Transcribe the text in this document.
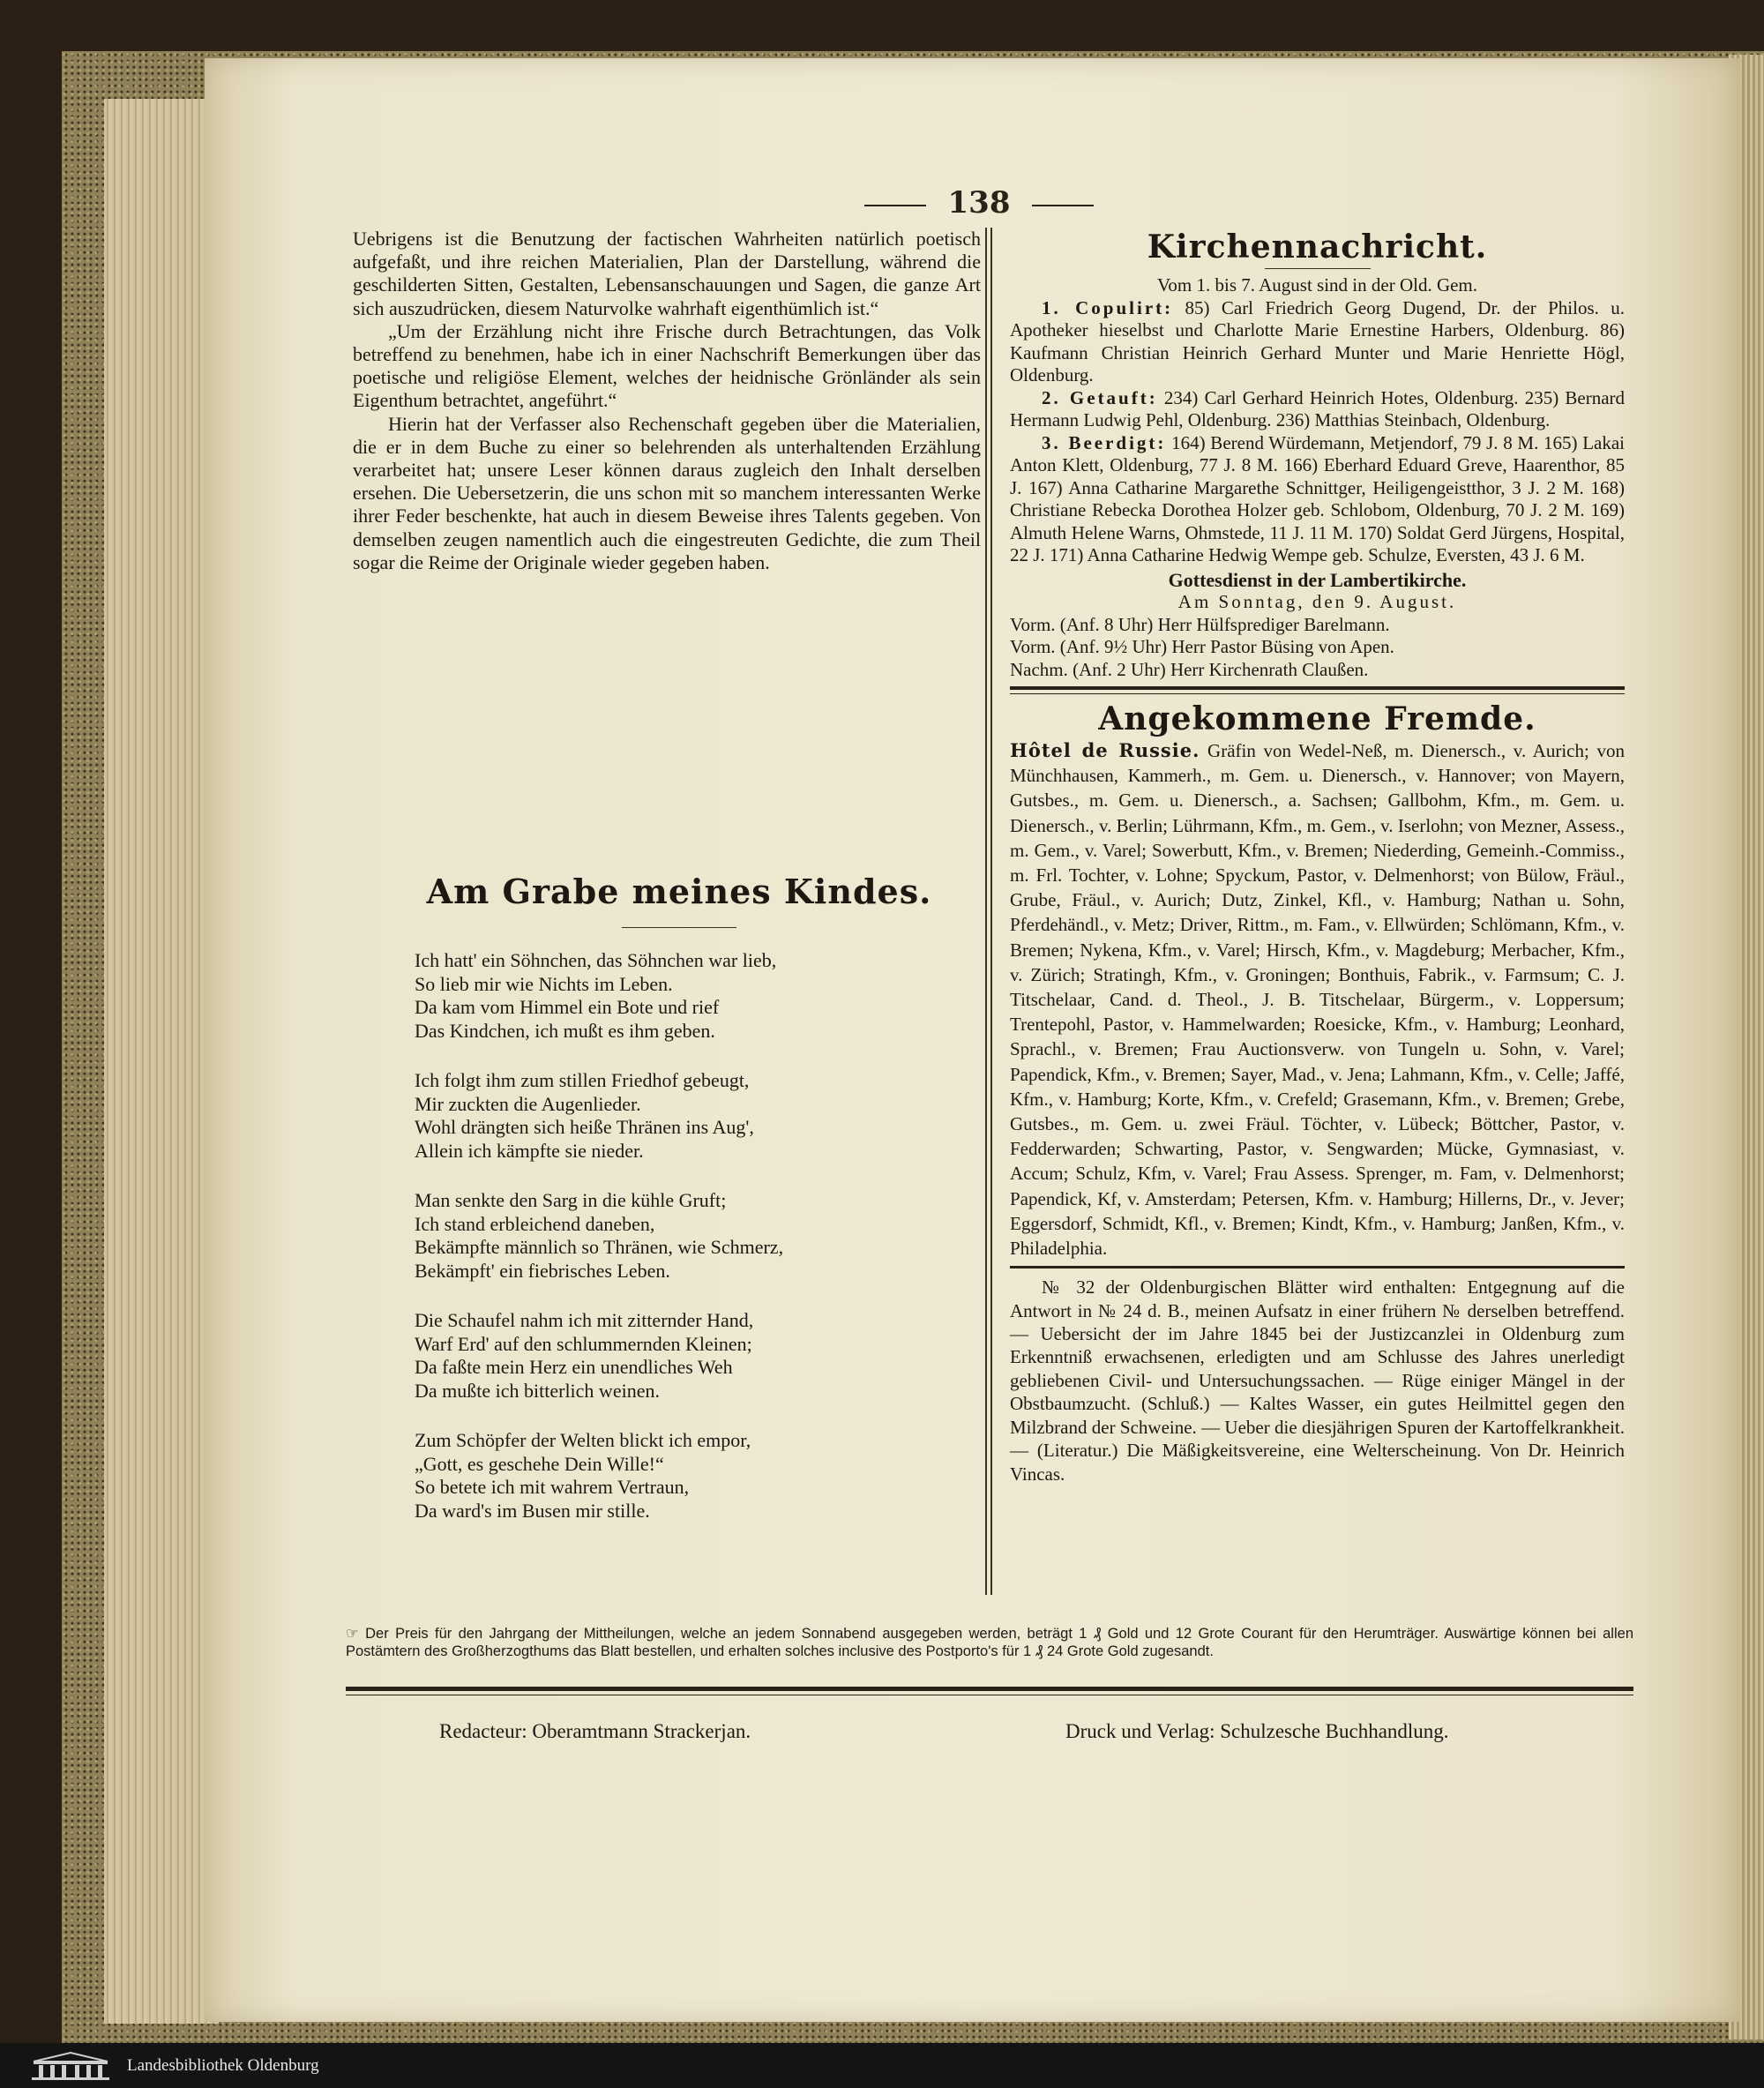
138

Uebrigens ist die Benutzung der factischen Wahrheiten natürlich poetisch aufgefaßt, und ihre reichen Materialien, Plan der Darstellung, während die geschilderten Sitten, Gestalten, Lebensanschauungen und Sagen, die ganze Art sich auszudrücken, diesem Naturvolke wahrhaft eigenthümlich ist.“

„Um der Erzählung nicht ihre Frische durch Betrachtungen, das Volk betreffend zu benehmen, habe ich in einer Nachschrift Bemerkungen über das poetische und religiöse Element, welches der heidnische Grönländer als sein Eigenthum betrachtet, angeführt.“

Hierin hat der Verfasser also Rechenschaft gegeben über die Materialien, die er in dem Buche zu einer so belehrenden als unterhaltenden Erzählung verarbeitet hat; unsere Leser können daraus zugleich den Inhalt derselben ersehen. Die Uebersetzerin, die uns schon mit so manchem interessanten Werke ihrer Feder beschenkte, hat auch in diesem Beweise ihres Talents gegeben. Von demselben zeugen namentlich auch die eingestreuten Gedichte, die zum Theil sogar die Reime der Originale wieder gegeben haben.

Am Grabe meines Kindes.
Ich hatt' ein Söhnchen, das Söhnchen war lieb,
So lieb mir wie Nichts im Leben.
Da kam vom Himmel ein Bote und rief
Das Kindchen, ich mußt es ihm geben.
Ich folgt ihm zum stillen Friedhof gebeugt,
Mir zuckten die Augenlieder.
Wohl drängten sich heiße Thränen ins Aug',
Allein ich kämpfte sie nieder.
Man senkte den Sarg in die kühle Gruft;
Ich stand erbleichend daneben,
Bekämpfte männlich so Thränen, wie Schmerz,
Bekämpft' ein fiebrisches Leben.
Die Schaufel nahm ich mit zitternder Hand,
Warf Erd' auf den schlummernden Kleinen;
Da faßte mein Herz ein unendliches Weh
Da mußte ich bitterlich weinen.
Zum Schöpfer der Welten blickt ich empor,
„Gott, es geschehe Dein Wille!“
So betete ich mit wahrem Vertraun,
Da ward's im Busen mir stille.
Kirchennachricht.
Vom 1. bis 7. August sind in der Old. Gem.
1. Copulirt: 85) Carl Friedrich Georg Dugend, Dr. der Philos. u. Apotheker hieselbst und Charlotte Marie Ernestine Harbers, Oldenburg. 86) Kaufmann Christian Heinrich Gerhard Munter und Marie Henriette Högl, Oldenburg.
2. Getauft: 234) Carl Gerhard Heinrich Hotes, Oldenburg. 235) Bernard Hermann Ludwig Pehl, Oldenburg. 236) Matthias Steinbach, Oldenburg.
3. Beerdigt: 164) Berend Würdemann, Metjendorf, 79 J. 8 M. 165) Lakai Anton Klett, Oldenburg, 77 J. 8 M. 166) Eberhard Eduard Greve, Haarenthor, 85 J. 167) Anna Catharine Margarethe Schnittger, Heiligengeistthor, 3 J. 2 M. 168) Christiane Rebecka Dorothea Holzer geb. Schlobom, Oldenburg, 70 J. 2 M. 169) Almuth Helene Warns, Ohmstede, 11 J. 11 M. 170) Soldat Gerd Jürgens, Hospital, 22 J. 171) Anna Catharine Hedwig Wempe geb. Schulze, Eversten, 43 J. 6 M.
Gottesdienst in der Lambertikirche.
Am Sonntag, den 9. August.
Vorm. (Anf. 8 Uhr) Herr Hülfsprediger Barelmann.
Vorm. (Anf. 9½ Uhr) Herr Pastor Büsing von Apen.
Nachm. (Anf. 2 Uhr) Herr Kirchenrath Claußen.
Angekommene Fremde.
Hôtel de Russie. Gräfin von Wedel-Neß, m. Dienersch., v. Aurich; von Münchhausen, Kammerh., m. Gem. u. Dienersch., v. Hannover; von Mayern, Gutsbes., m. Gem. u. Dienersch., a. Sachsen; Gallbohm, Kfm., m. Gem. u. Dienersch., v. Berlin; Lührmann, Kfm., m. Gem., v. Iserlohn; von Mezner, Assess., m. Gem., v. Varel; Sowerbutt, Kfm., v. Bremen; Niederding, Gemeinh.-Commiss., m. Frl. Tochter, v. Lohne; Spyckum, Pastor, v. Delmenhorst; von Bülow, Fräul., Grube, Fräul., v. Aurich; Dutz, Zinkel, Kfl., v. Hamburg; Nathan u. Sohn, Pferdehändl., v. Metz; Driver, Rittm., m. Fam., v. Ellwürden; Schlömann, Kfm., v. Bremen; Nykena, Kfm., v. Varel; Hirsch, Kfm., v. Magdeburg; Merbacher, Kfm., v. Zürich; Stratingh, Kfm., v. Groningen; Bonthuis, Fabrik., v. Farmsum; C. J. Titschelaar, Cand. d. Theol., J. B. Titschelaar, Bürgerm., v. Loppersum; Trentepohl, Pastor, v. Hammelwarden; Roesicke, Kfm., v. Hamburg; Leonhard, Sprachl., v. Bremen; Frau Auctionsverw. von Tungeln u. Sohn, v. Varel; Papendick, Kfm., v. Bremen; Sayer, Mad., v. Jena; Lahmann, Kfm., v. Celle; Jaffé, Kfm., v. Hamburg; Korte, Kfm., v. Crefeld; Grasemann, Kfm., v. Bremen; Grebe, Gutsbes., m. Gem. u. zwei Fräul. Töchter, v. Lübeck; Böttcher, Pastor, v. Fedderwarden; Schwarting, Pastor, v. Sengwarden; Mücke, Gymnasiast, v. Accum; Schulz, Kfm, v. Varel; Frau Assess. Sprenger, m. Fam, v. Delmenhorst; Papendick, Kf, v. Amsterdam; Petersen, Kfm. v. Hamburg; Hillerns, Dr., v. Jever; Eggersdorf, Schmidt, Kfl., v. Bremen; Kindt, Kfm., v. Hamburg; Janßen, Kfm., v. Philadelphia.
№ 32 der Oldenburgischen Blätter wird enthalten: Entgegnung auf die Antwort in № 24 d. B., meinen Aufsatz in einer frühern № derselben betreffend. — Uebersicht der im Jahre 1845 bei der Justizcanzlei in Oldenburg zum Erkenntniß erwachsenen, erledigten und am Schlusse des Jahres unerledigt gebliebenen Civil- und Untersuchungssachen. — Rüge einiger Mängel in der Obstbaumzucht. (Schluß.) — Kaltes Wasser, ein gutes Heilmittel gegen den Milzbrand der Schweine. — Ueber die diesjährigen Spuren der Kartoffelkrankheit. — (Literatur.) Die Mäßigkeitsvereine, eine Welterscheinung. Von Dr. Heinrich Vincas.
☞ Der Preis für den Jahrgang der Mittheilungen, welche an jedem Sonnabend ausgegeben werden, beträgt 1 ₰ Gold und 12 Grote Courant für den Herumträger. Auswärtige können bei allen Postämtern des Großherzogthums das Blatt bestellen, und erhalten solches inclusive des Postporto's für 1 ₰ 24 Grote Gold zugesandt.
Redacteur: Oberamtmann Strackerjan.	Druck und Verlag: Schulzesche Buchhandlung.
Landesbibliothek Oldenburg
